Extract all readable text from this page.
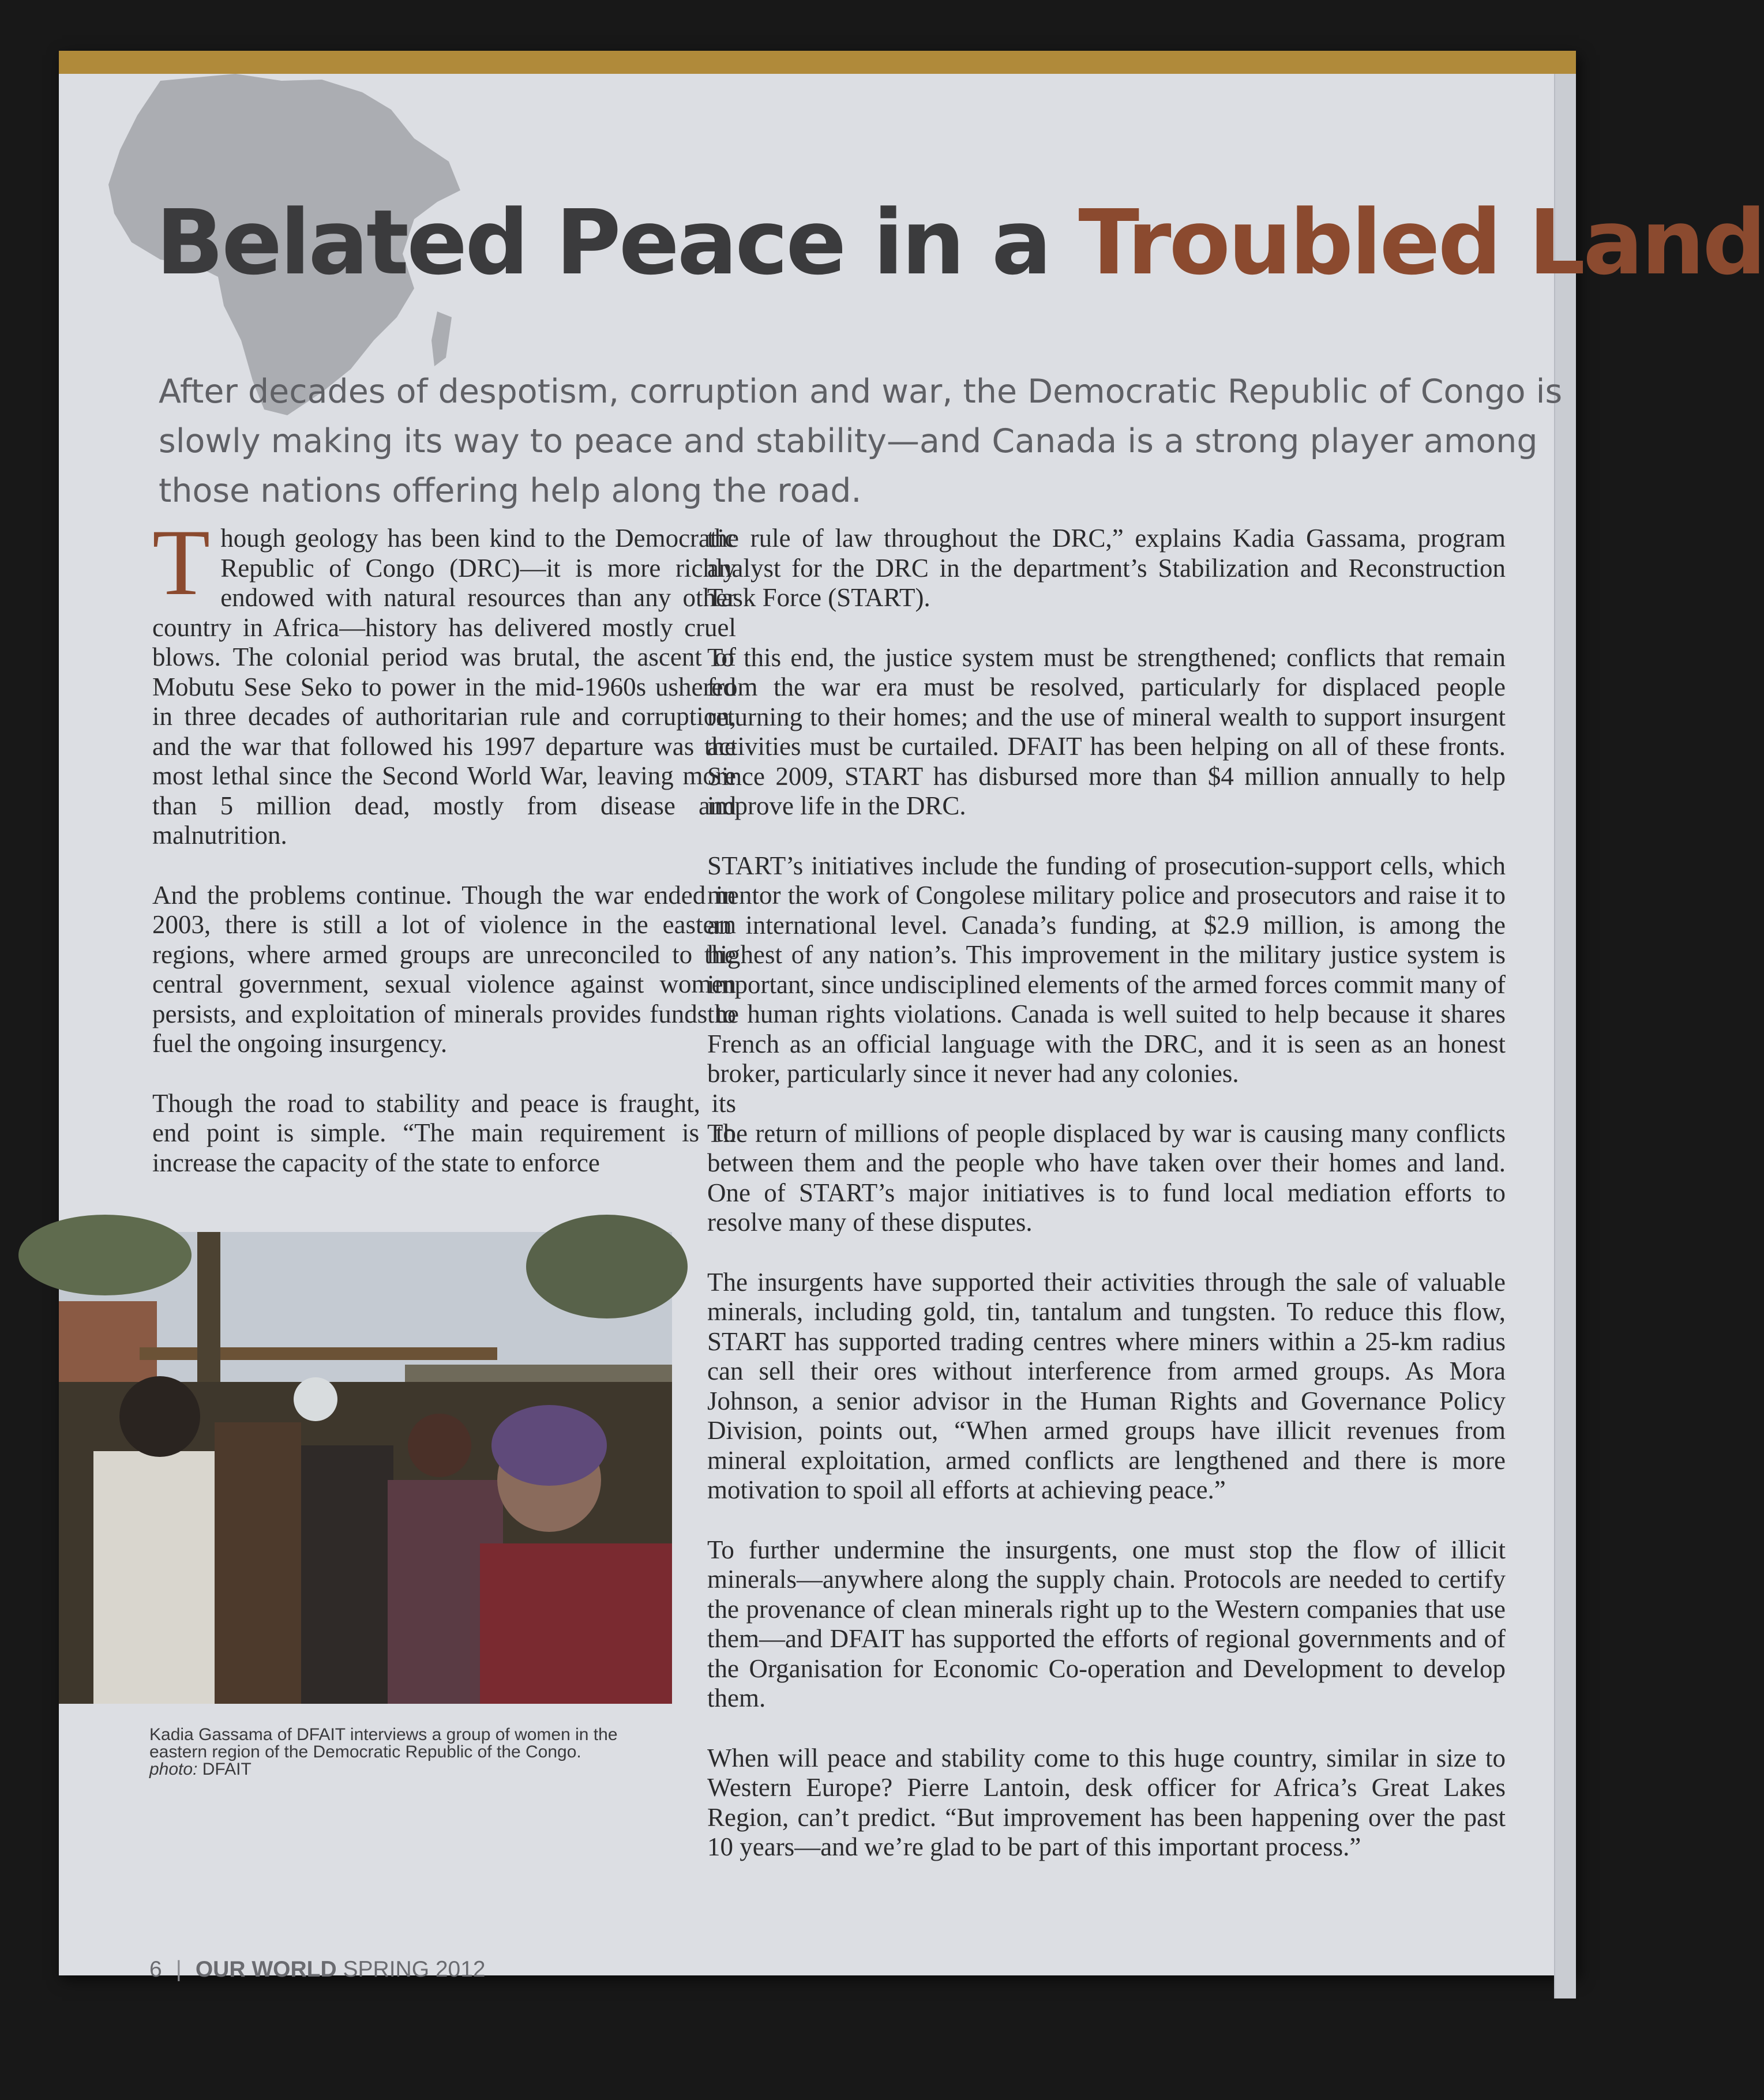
Belated Peace in a Troubled Land

After decades of despotism, corruption and war, the Democratic Republic of Congo is slowly making its way to peace and stability—and Canada is a strong player among those nations offering help along the road.

Though geology has been kind to the Democratic Republic of Congo (DRC)—it is more richly endowed with natural resources than any other country in Africa—history has delivered mostly cruel blows. The colonial period was brutal, the ascent of Mobutu Sese Seko to power in the mid-1960s ushered in three decades of authoritarian rule and corruption, and the war that followed his 1997 departure was the most lethal since the Second World War, leaving more than 5 million dead, mostly from disease and malnutrition.

And the problems continue. Though the war ended in 2003, there is still a lot of violence in the eastern regions, where armed groups are unreconciled to the central government, sexual violence against women persists, and exploitation of minerals provides funds to fuel the ongoing insurgency.

Though the road to stability and peace is fraught, its end point is simple. “The main requirement is to increase the capacity of the state to enforce

the rule of law throughout the DRC,” explains Kadia Gassama, program analyst for the DRC in the department’s Stabilization and Reconstruction Task Force (START).

To this end, the justice system must be strengthened; conflicts that remain from the war era must be resolved, particularly for displaced people returning to their homes; and the use of mineral wealth to support insurgent activities must be curtailed. DFAIT has been helping on all of these fronts. Since 2009, START has disbursed more than $4 million annually to help improve life in the DRC.

START’s initiatives include the funding of prosecution-support cells, which mentor the work of Congolese military police and prosecutors and raise it to an international level. Canada’s funding, at $2.9 million, is among the highest of any nation’s. This improvement in the military justice system is important, since undisciplined elements of the armed forces commit many of the human rights violations. Canada is well suited to help because it shares French as an official language with the DRC, and it is seen as an honest broker, particularly since it never had any colonies.

The return of millions of people displaced by war is causing many conflicts between them and the people who have taken over their homes and land. One of START’s major initiatives is to fund local mediation efforts to resolve many of these disputes.

The insurgents have supported their activities through the sale of valuable minerals, including gold, tin, tantalum and tungsten. To reduce this flow, START has supported trading centres where miners within a 25-km radius can sell their ores without interference from armed groups. As Mora Johnson, a senior advisor in the Human Rights and Governance Policy Division, points out, “When armed groups have illicit revenues from mineral exploitation, armed conflicts are lengthened and there is more motivation to spoil all efforts at achieving peace.”

To further undermine the insurgents, one must stop the flow of illicit minerals—anywhere along the supply chain. Protocols are needed to certify the provenance of clean minerals right up to the Western companies that use them—and DFAIT has supported the efforts of regional governments and of the Organisation for Economic Co-operation and Development to develop them.

When will peace and stability come to this huge country, similar in size to Western Europe? Pierre Lantoin, desk officer for Africa’s Great Lakes Region, can’t predict. “But improvement has been happening over the past 10 years—and we’re glad to be part of this important process.”

Kadia Gassama of DFAIT interviews a group of women in the
eastern region of the Democratic Republic of the Congo.
photo: DFAIT
6 | OUR WORLD SPRING 2012
